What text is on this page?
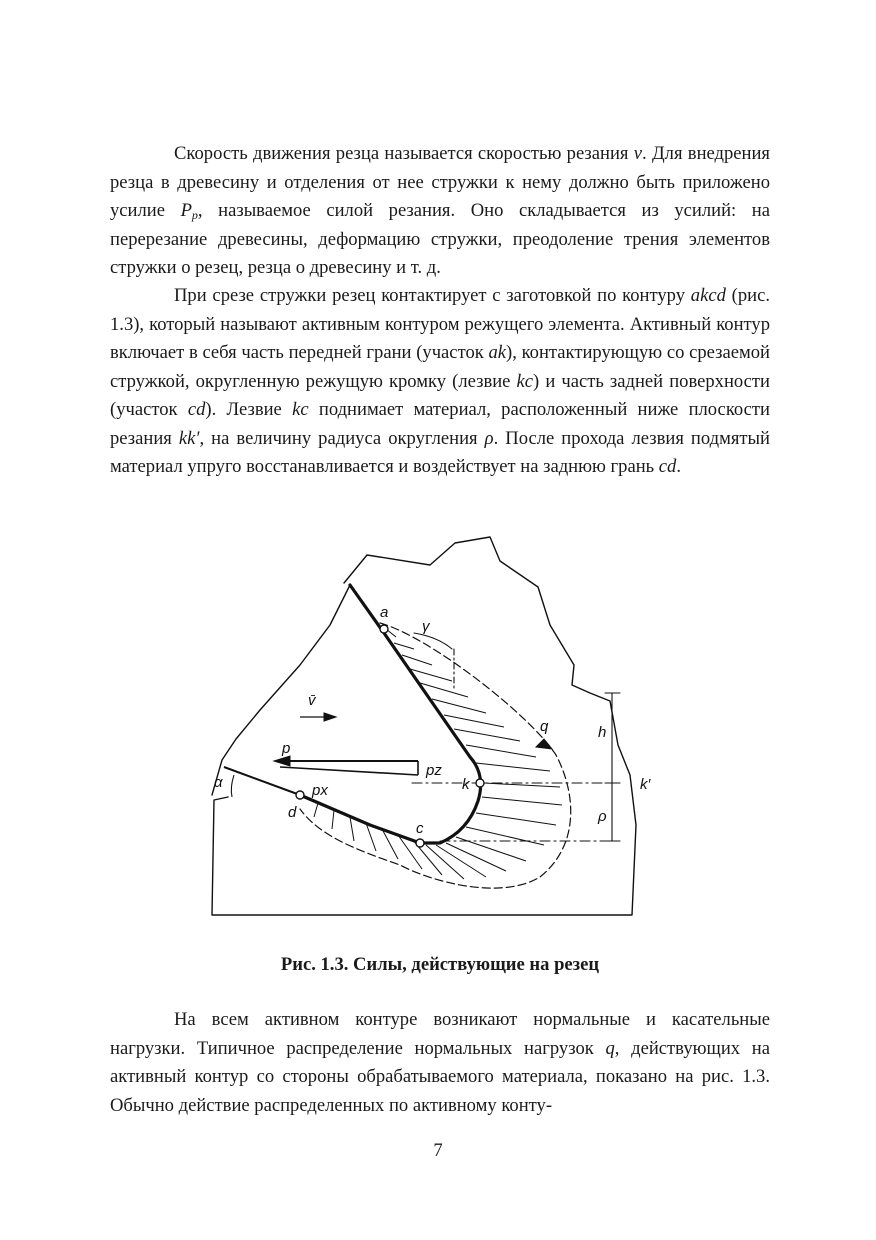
Скорость движения резца называется скоростью резания v. Для внедрения резца в древесину и отделения от нее стружки к нему должно быть приложено усилие $P_р$, называемое силой резания. Оно складывается из усилий: на перерезание древесины, деформацию стружки, преодоление трения элементов стружки о резец, резца о древесину и т. д.

При срезе стружки резец контактирует с заготовкой по контуру akcd (рис. 1.3), который называют активным контуром режущего элемента. Активный контур включает в себя часть передней грани (участок ak), контактирующую со срезаемой стружкой, округленную режущую кромку (лезвие kc) и часть задней поверхности (участок cd). Лезвие kc поднимает материал, расположенный ниже плоскости резания kk′, на величину радиуса округления ρ. После прохода лезвия подмятый материал упруго восстанавливается и воздействует на заднюю грань cd.

a
γ
v̄
q	h
p
pz
k	k′
α	px
ρ
d
c
Рис. 1.3. Силы, действующие на резец

На всем активном контуре возникают нормальные и касательные нагрузки. Типичное распределение нормальных нагрузок q, действующих на активный контур со стороны обрабатываемого материала, показано на рис. 1.3. Обычно действие распределенных по активному конту-

7
